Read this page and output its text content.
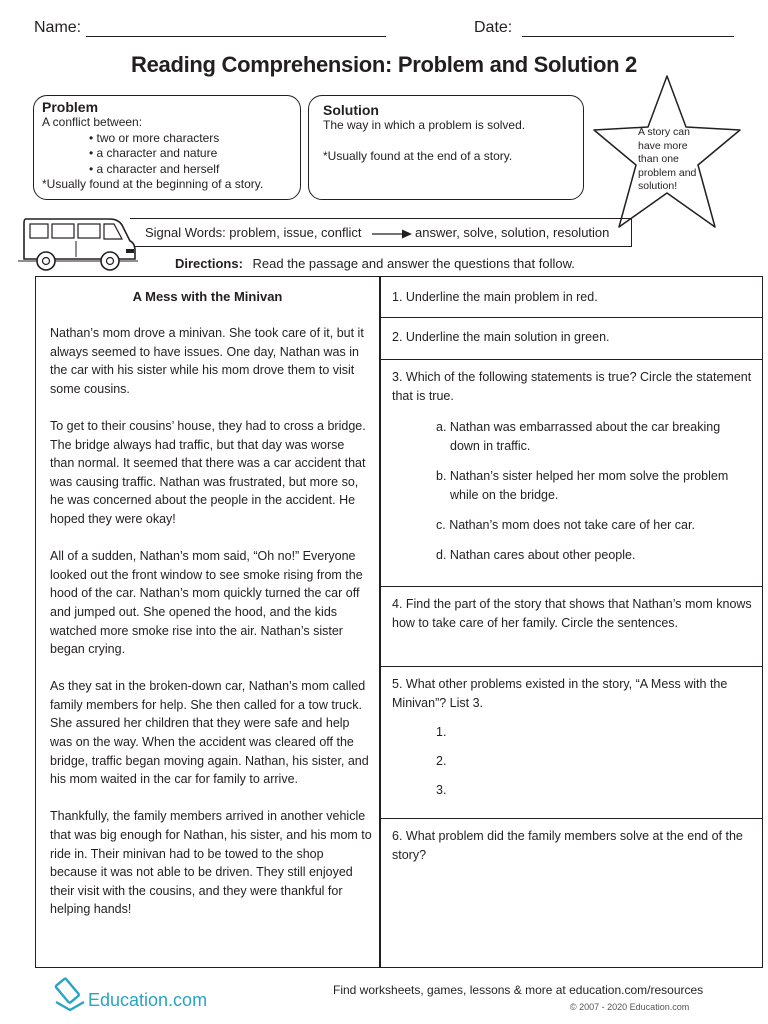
Name:	Date:
Reading Comprehension: Problem and Solution 2
Problem
A conflict between:
• two or more characters
• a character and nature
• a character and herself
*Usually found at the beginning of a story.
Solution
The way in which a problem is solved.
*Usually found at the end of a story.
A story can
have more
than one
problem and
solution!
Signal Words: problem, issue, conflict	answer, solve, solution, resolution
Directions: Read the passage and answer the questions that follow.
A Mess with the Minivan

Nathan’s mom drove a minivan. She took care of it, but it always seemed to have issues. One day, Nathan was in the car with his sister while his mom drove them to visit some cousins.

To get to their cousins’ house, they had to cross a bridge. The bridge always had traffic, but that day was worse than normal. It seemed that there was a car accident that was causing traffic. Nathan was frustrated, but more so, he was concerned about the people in the accident. He hoped they were okay!

All of a sudden, Nathan’s mom said, “Oh no!” Everyone looked out the front window to see smoke rising from the hood of the car. Nathan’s mom quickly turned the car off and jumped out. She opened the hood, and the kids watched more smoke rise into the air. Nathan’s sister began crying.

As they sat in the broken-down car, Nathan’s mom called family members for help. She then called for a tow truck. She assured her children that they were safe and help was on the way. When the accident was cleared off the bridge, traffic began moving again. Nathan, his sister, and his mom waited in the car for family to arrive.

Thankfully, the family members arrived in another vehicle that was big enough for Nathan, his sister, and his mom to ride in. Their minivan had to be towed to the shop because it was not able to be driven. They still enjoyed their visit with the cousins, and they were thankful for helping hands!

1. Underline the main problem in red.
2. Underline the main solution in green.
3. Which of the following statements is true? Circle the statement that is true.
a. Nathan was embarrassed about the car breaking down in traffic.
b. Nathan’s sister helped her mom solve the problem while on the bridge.
c. Nathan’s mom does not take care of her car.
d. Nathan cares about other people.
4. Find the part of the story that shows that Nathan’s mom knows how to take care of her family. Circle the sentences.
5. What other problems existed in the story, “A Mess with the Minivan”? List 3.
1.
2.
3.
6. What problem did the family members solve at the end of the story?
Education.com	Find worksheets, games, lessons & more at education.com/resources
© 2007 - 2020 Education.com
